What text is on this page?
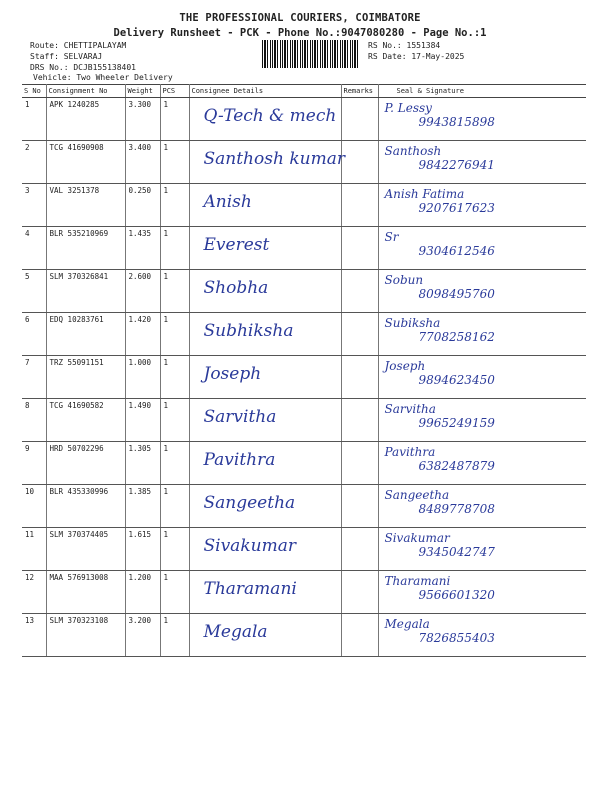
THE PROFESSIONAL COURIERS, COIMBATORE
Delivery Runsheet - PCK - Phone No.:9047080280 - Page No.:1
Route: CHETTIPALAYAM
Staff: SELVARAJ
DRS No.: DCJB155138401
Vehicle: Two Wheeler Delivery
RS No.: 1551384
RS Date: 17-May-2025
S No	Consignment No	Weight	PCS	Consignee Details	Remarks	Seal & Signature
1	APK 1240285	3.300	1	Q-Tech & mech		P. Lessy
9943815898

2	TCG 41690908	3.400	1	Santhosh kumar		Santhosh
9842276941

3	VAL 3251378	0.250	1	Anish		Anish Fatima
9207617623

4	BLR 535210969	1.435	1	Everest		Sr
9304612546

5	SLM 370326841	2.600	1	Shobha		Sobun
8098495760

6	EDQ 10283761	1.420	1	Subhiksha		Subiksha
7708258162

7	TRZ 55091151	1.000	1	Joseph		Joseph
9894623450

8	TCG 41690582	1.490	1	Sarvitha		Sarvitha
9965249159

9	HRD 50702296	1.305	1	Pavithra		Pavithra
6382487879

10	BLR 435330996	1.385	1	Sangeetha		Sangeetha
8489778708

11	SLM 370374405	1.615	1	Sivakumar		Sivakumar
9345042747

12	MAA 576913008	1.200	1	Tharamani		Tharamani
9566601320

13	SLM 370323108	3.200	1	Megala		Megala
7826855403
